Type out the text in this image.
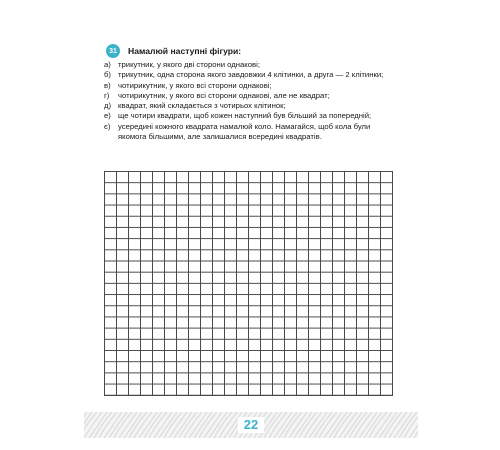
31	Намалюй наступні фігури:
а) трикутник, у якого дві сторони однакові;
б) трикутник, одна сторона якого завдовжки 4 клітинки, а друга — 2 клітинки;
в) чотирикутник, у якого всі сторони однакові;
г)	чотирикутник, у якого всі сторони однакові, але не квадрат;
д) квадрат, який складається з чотирьох клітинок;
е) ще чотири квадрати, щоб кожен наступний був більший за попередній;
є) усередині кожного квадрата намалюй коло. Намагайся, щоб кола були якомога більшими, але залишалися всередині квадратів.
22
